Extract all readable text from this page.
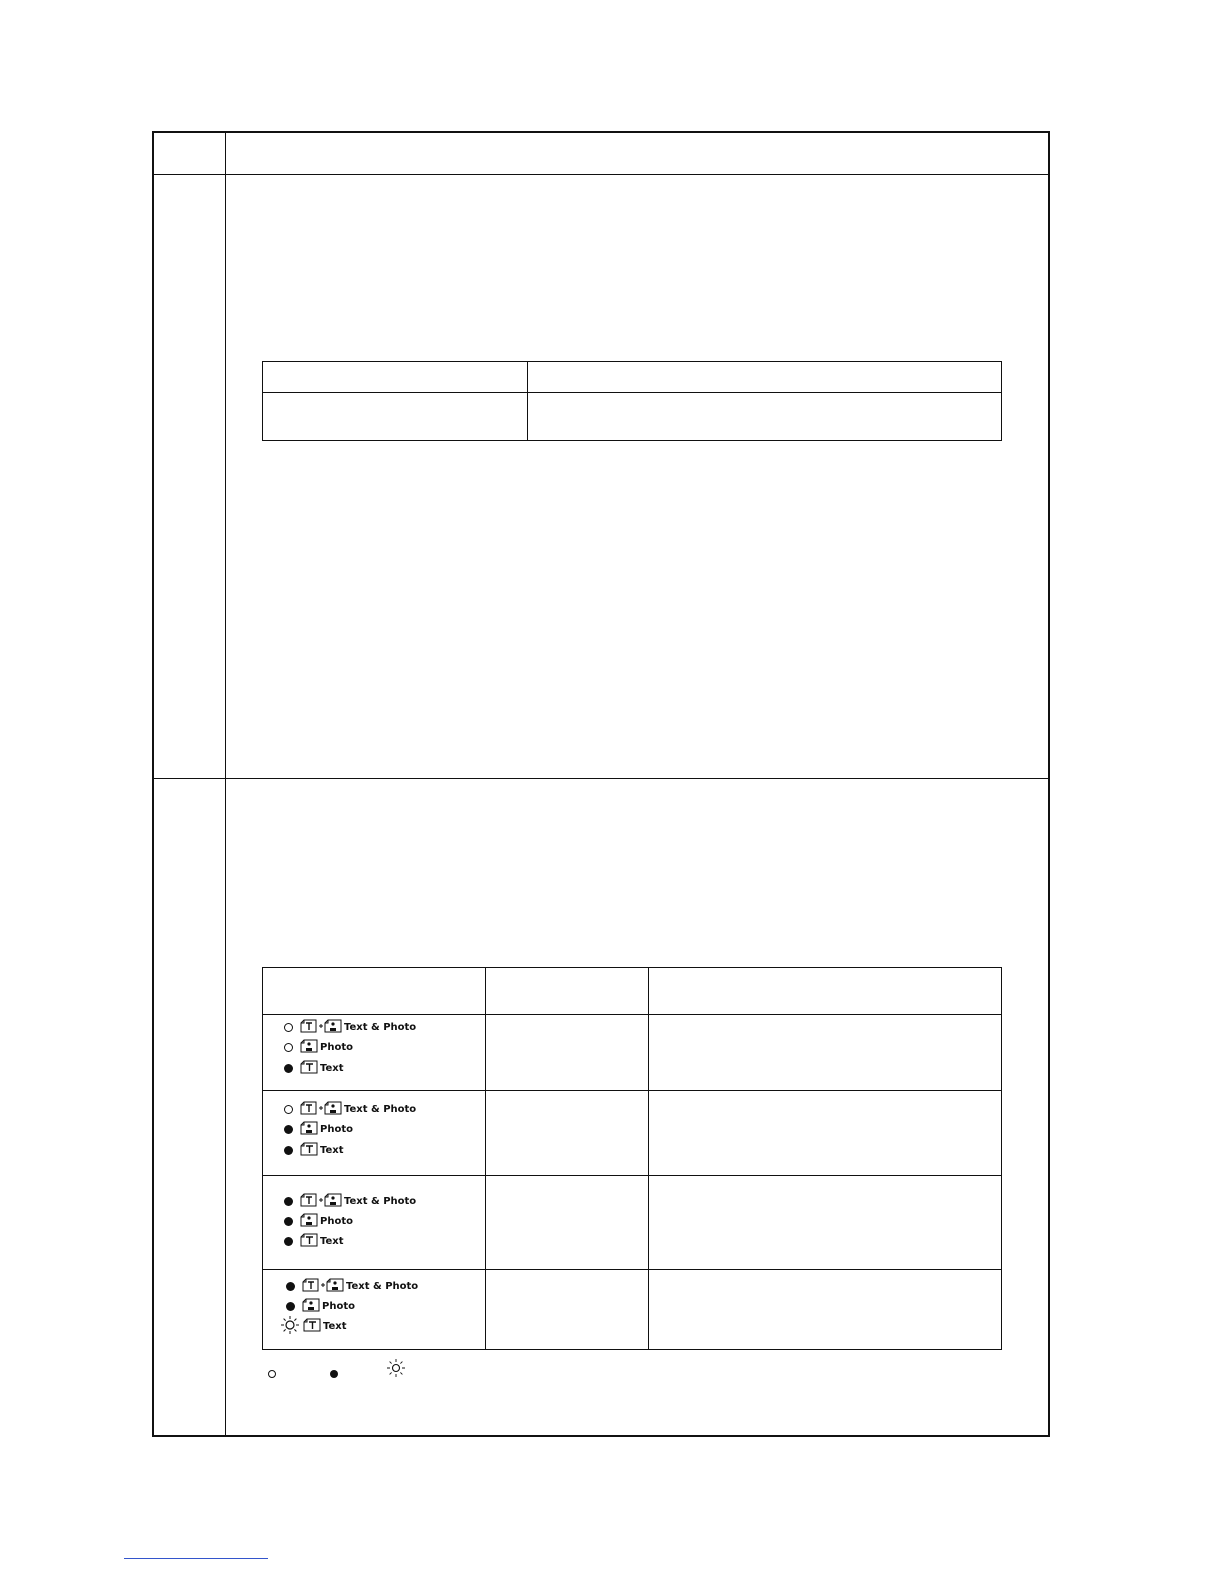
Text & Photo
Photo
Text
Text & Photo
Photo
Text
Text & Photo
Photo
Text
Text & Photo
Photo
Text
